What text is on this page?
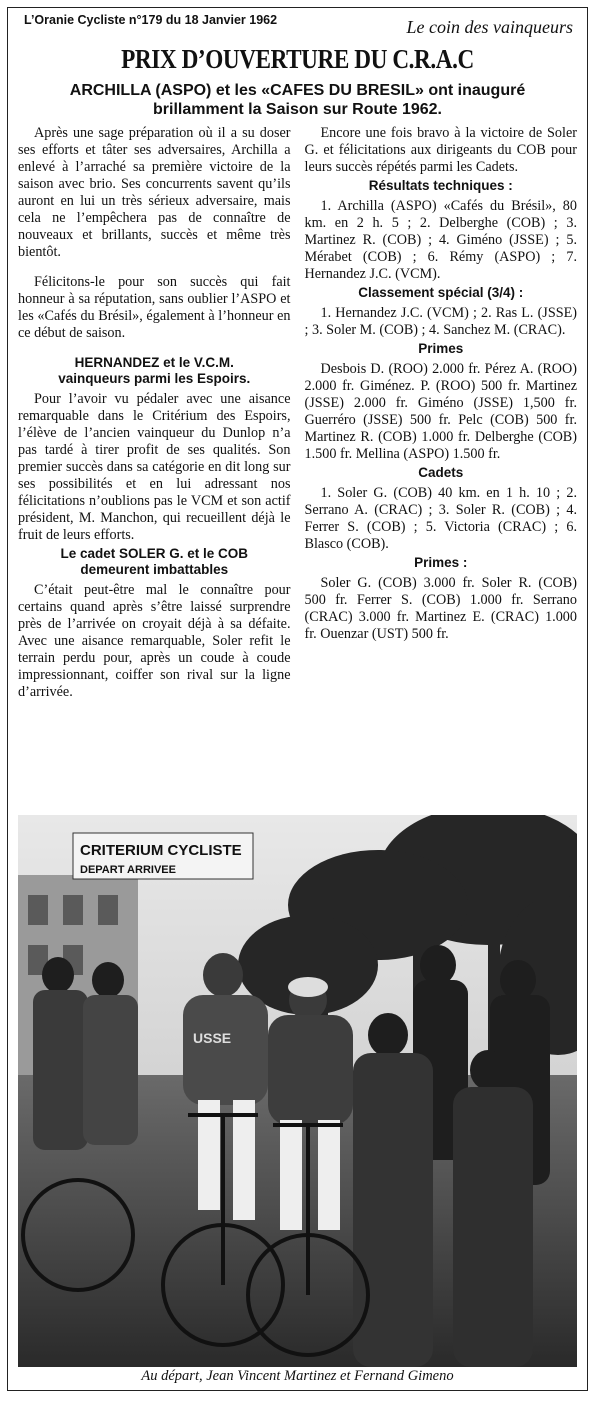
L’Oranie Cycliste n°179 du 18 Janvier 1962	Le coin des vainqueurs
PRIX D’OUVERTURE DU C.R.A.C
ARCHILLA (ASPO) et les «CAFES DU BRESIL» ont inauguré brillamment la Saison sur Route 1962.

Après une sage préparation où il a su doser ses efforts et tâter ses adversaires, Archilla a enlevé à l’arraché sa première victoire de la saison avec brio. Ses concurrents savent qu’ils auront en lui un très sérieux adversaire, mais cela ne l’empêchera pas de connaître de nouveaux et brillants, succès et même très bientôt.

Félicitons-le pour son succès qui fait honneur à sa réputation, sans oublier l’ASPO et les «Cafés du Brésil», également à l’honneur en ce début de saison.

HERNANDEZ et le V.C.M.
vainqueurs parmi les Espoirs.

Pour l’avoir vu pédaler avec une aisance remarquable dans le Critérium des Espoirs, l’élève de l’ancien vainqueur du Dunlop n’a pas tardé à tirer profit de ses qualités. Son premier succès dans sa catégorie en dit long sur ses possibilités et en lui adressant nos félicitations n’oublions pas le VCM et son actif président, M. Manchon, qui recueillent déjà le fruit de leurs efforts.

Le cadet SOLER G. et le COB
demeurent imbattables

C’était peut-être mal le connaître pour certains quand après s’être laissé surprendre près de l’arrivée on croyait déjà à sa défaite. Avec une aisance remarquable, Soler refit le terrain perdu pour, après un coude à coude impressionnant, coiffer son rival sur la ligne d’arrivée.

Encore une fois bravo à la victoire de Soler G. et félicitations aux dirigeants du COB pour leurs succès répétés parmi les Cadets.

Résultats techniques :

1. Archilla (ASPO) «Cafés du Brésil», 80 km. en 2 h. 5 ; 2. Delberghe (COB) ; 3. Martinez R. (COB) ; 4. Giméno (JSSE) ; 5. Mérabet (COB) ; 6. Rémy (ASPO) ; 7. Hernandez J.C. (VCM).

Classement spécial (3/4) :

1. Hernandez J.C. (VCM) ; 2. Ras L. (JSSE) ; 3. Soler M. (COB) ; 4. Sanchez M. (CRAC).

Primes

Desbois D. (ROO) 2.000 fr. Pérez A. (ROO) 2.000 fr. Giménez. P. (ROO) 500 fr. Martinez (JSSE) 2.000 fr. Giméno (JSSE) 1,500 fr. Guerréro (JSSE) 500 fr. Pelc (COB) 500 fr. Martinez R. (COB) 1.000 fr. Delberghe (COB) 1.500 fr. Mellina (ASPO) 1.500 fr.

Cadets

1. Soler G. (COB) 40 km. en 1 h. 10 ; 2. Serrano A. (CRAC) ; 3. Soler R. (COB) ; 4. Ferrer S. (COB) ; 5. Victoria (CRAC) ; 6. Blasco (COB).

Primes :

Soler G. (COB) 3.000 fr. Soler R. (COB) 500 fr. Ferrer S. (COB) 1.000 fr. Serrano (CRAC) 3.000 fr. Martinez E. (CRAC) 1.000 fr. Ouenzar (UST) 500 fr.

CRITERIUM CYCLISTE
DEPART ARRIVEE
USSE
Au départ, Jean Vincent Martinez et Fernand Gimeno
